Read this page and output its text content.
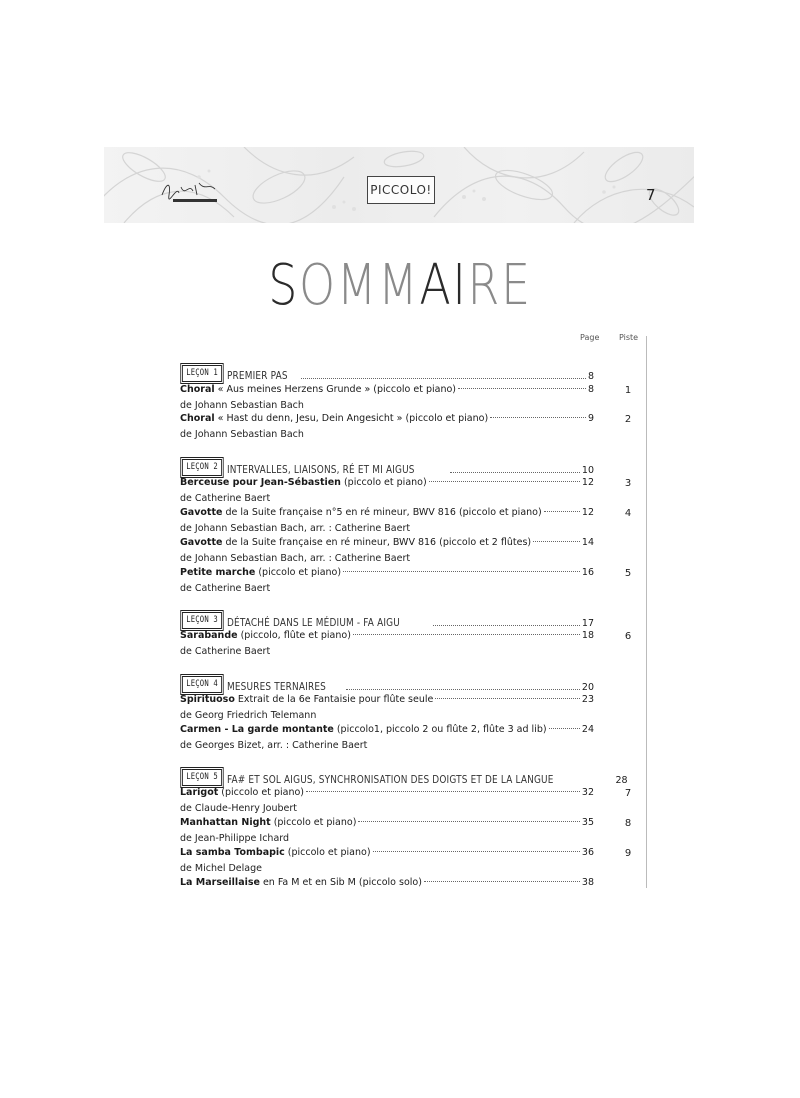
PICCOLO!	7
SOMMAIRE
Page Piste
LEÇON 1 PREMIER PAS	8
Choral « Aus meines Herzens Grunde » (piccolo et piano)	8	1
de Johann Sebastian Bach
Choral « Hast du denn, Jesu, Dein Angesicht » (piccolo et piano)	9	2
de Johann Sebastian Bach
LEÇON 2 INTERVALLES, LIAISONS, RÉ ET MI AIGUS	10
Berceuse pour Jean-Sébastien (piccolo et piano)	12	3
de Catherine Baert
Gavotte de la Suite française n°5 en ré mineur, BWV 816 (piccolo et piano)	12	4
de Johann Sebastian Bach, arr. : Catherine Baert
Gavotte de la Suite française en ré mineur, BWV 816 (piccolo et 2 flûtes)	14
de Johann Sebastian Bach, arr. : Catherine Baert
Petite marche (piccolo et piano)	16	5
de Catherine Baert
LEÇON 3 DÉTACHÉ DANS LE MÉDIUM - FA AIGU	17
Sarabande (piccolo, flûte et piano)	18	6
de Catherine Baert
LEÇON 4 MESURES TERNAIRES	20
Spirituoso Extrait de la 6e Fantaisie pour flûte seule	23
de Georg Friedrich Telemann
Carmen - La garde montante (piccolo1, piccolo 2 ou flûte 2, flûte 3 ad lib)	24
de Georges Bizet, arr. : Catherine Baert
LEÇON 5 FA# ET SOL AIGUS, SYNCHRONISATION DES DOIGTS ET DE LA LANGUE	28
Larigot (piccolo et piano)	32	7
de Claude-Henry Joubert
Manhattan Night (piccolo et piano)	35	8
de Jean-Philippe Ichard
La samba Tombapic (piccolo et piano)	36	9
de Michel Delage
La Marseillaise en Fa M et en Sib M (piccolo solo)	38
